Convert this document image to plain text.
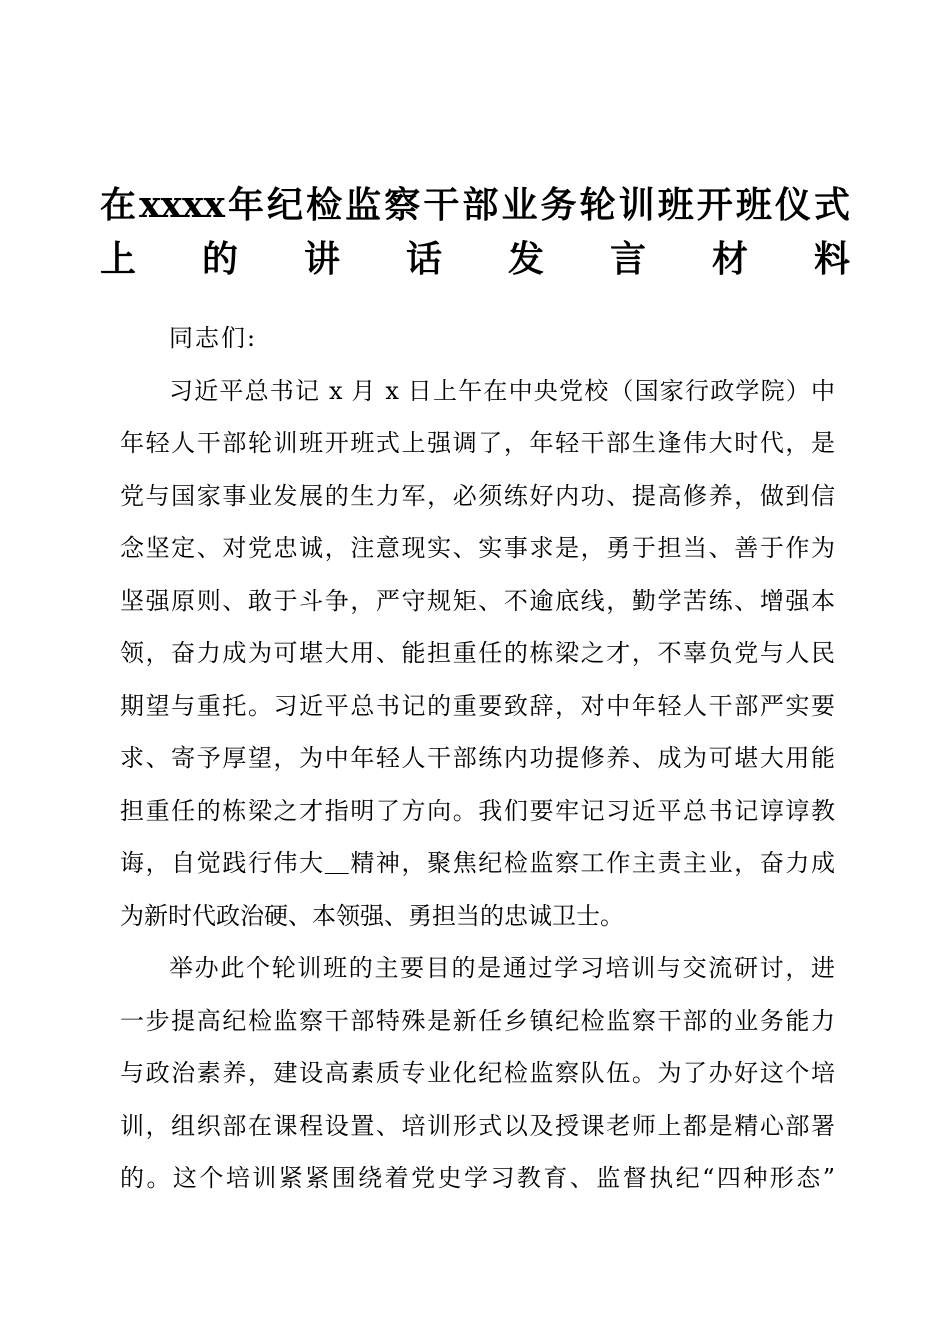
在xxxx年纪检监察干部业务轮训班开班仪式
上的讲话发言材料
同志们:
习近平总书记 x 月 x 日上午在中央党校（国家行政学院）中
年轻人干部轮训班开班式上强调了，年轻干部生逢伟大时代，是
党与国家事业发展的生力军，必须练好内功、提高修养，做到信
念坚定、对党忠诚，注意现实、实事求是，勇于担当、善于作为
坚强原则、敢于斗争，严守规矩、不逾底线，勤学苦练、增强本
领，奋力成为可堪大用、能担重任的栋梁之才，不辜负党与人民
期望与重托。习近平总书记的重要致辞，对中年轻人干部严实要
求、寄予厚望，为中年轻人干部练内功提修养、成为可堪大用能
担重任的栋梁之才指明了方向。我们要牢记习近平总书记谆谆教
诲，自觉践行伟大＿精神，聚焦纪检监察工作主责主业，奋力成
为新时代政治硬、本领强、勇担当的忠诚卫士。
举办此个轮训班的主要目的是通过学习培训与交流研讨，进
一步提高纪检监察干部特殊是新任乡镇纪检监察干部的业务能力
与政治素养，建设高素质专业化纪检监察队伍。为了办好这个培
训，组织部在课程设置、培训形式以及授课老师上都是精心部署
的。这个培训紧紧围绕着党史学习教育、监督执纪“四种形态”
